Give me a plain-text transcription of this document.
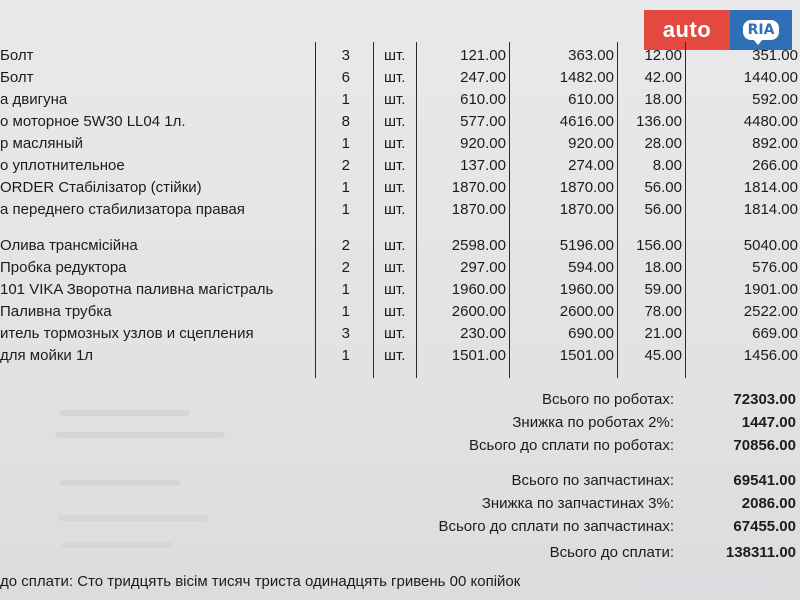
auto	RIA
Болт	3 шт.	121.00	363.00	12.00	351.00
Болт	6 шт.	247.00	1482.00	42.00	1440.00
а двигуна	1 шт.	610.00	610.00	18.00	592.00
о моторное 5W30 LL04 1л.	8 шт.	577.00	4616.00	136.00	4480.00
р масляный	1 шт.	920.00	920.00	28.00	892.00
о уплотнительное	2 шт.	137.00	274.00	8.00	266.00
ORDER Стабілізатор (стійки)	1 шт.	1870.00	1870.00	56.00	1814.00
а переднего стабилизатора правая	1 шт.	1870.00	1870.00	56.00	1814.00
Олива трансмісійна	2 шт.	2598.00	5196.00	156.00	5040.00
Пробка редуктора	2 шт.	297.00	594.00	18.00	576.00
101 VIKA Зворотна паливна магістраль	1 шт.	1960.00	1960.00	59.00	1901.00
Паливна трубка	1 шт.	2600.00	2600.00	78.00	2522.00
итель тормозных узлов и сцепления	3 шт.	230.00	690.00	21.00	669.00
для мойки 1л	1 шт.	1501.00	1501.00	45.00	1456.00
Всього по роботах:	72303.00
Знижка по роботах 2%:	1447.00
Всього до сплати по роботах:	70856.00
Всього по запчастинах:	69541.00
Знижка по запчастинах 3%:	2086.00
Всього до сплати по запчастинах:	67455.00
Всього до сплати:	138311.00
до сплати: Сто тридцять вісім тисяч триста одинадцять гривень 00 копійок
